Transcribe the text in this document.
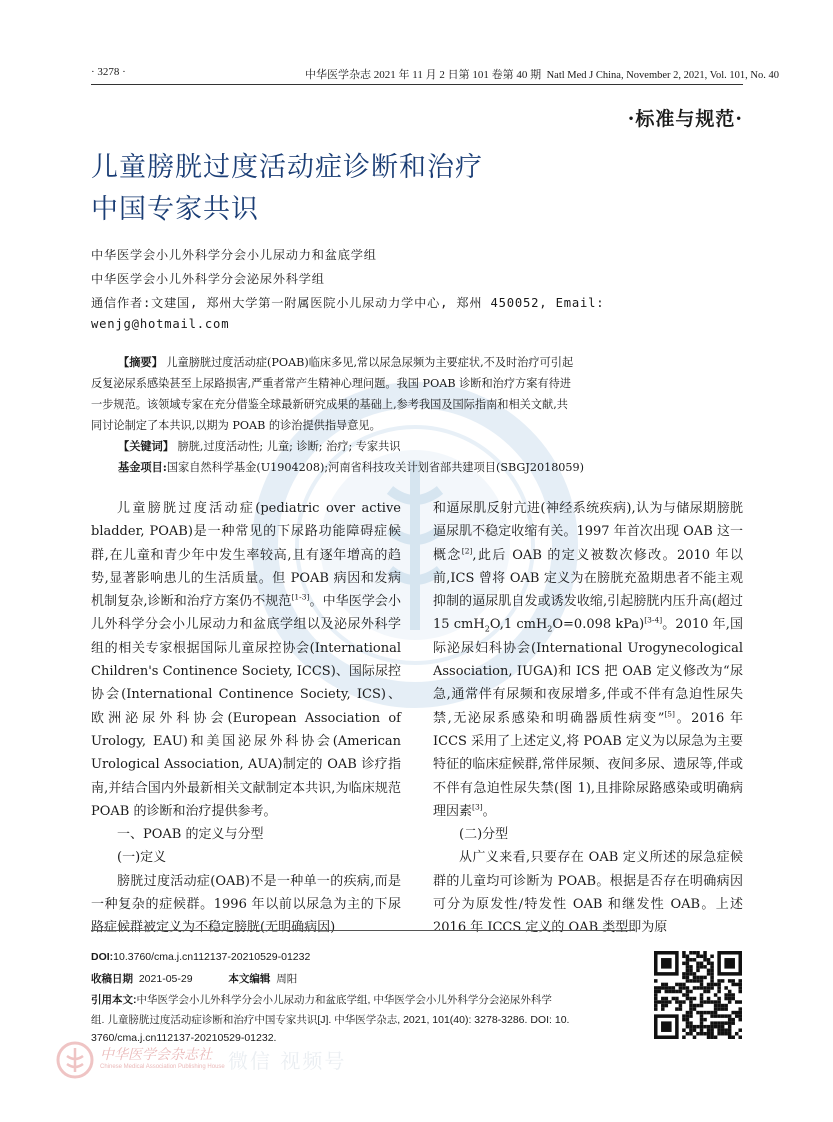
· 3278 ·	中华医学杂志 2021 年 11 月 2 日第 101 卷第 40 期 Natl Med J China, November 2, 2021, Vol. 101, No. 40
·标准与规范·
儿童膀胱过度活动症诊断和治疗
中国专家共识
中华医学会小儿外科学分会小儿尿动力和盆底学组
中华医学会小儿外科学分会泌尿外科学组
通信作者:文建国, 郑州大学第一附属医院小儿尿动力学中心, 郑州 450052, Email:
wenjg@hotmail.com
【摘要】 儿童膀胱过度活动症(POAB)临床多见,常以尿急尿频为主要症状,不及时治疗可引起
反复泌尿系感染甚至上尿路损害,严重者常产生精神心理问题。我国 POAB 诊断和治疗方案有待进
一步规范。该领域专家在充分借鉴全球最新研究成果的基础上,参考我国及国际指南和相关文献,共
同讨论制定了本共识,以期为 POAB 的诊治提供指导意见。
【关键词】 膀胱,过度活动性; 儿童; 诊断; 治疗; 专家共识
基金项目:国家自然科学基金(U1904208);河南省科技攻关计划省部共建项目(SBGJ2018059)

儿童膀胱过度活动症(pediatric over active bladder, POAB)是一种常见的下尿路功能障碍症候群,在儿童和青少年中发生率较高,且有逐年增高的趋势,显著影响患儿的生活质量。但 POAB 病因和发病机制复杂,诊断和治疗方案仍不规范[1-3]。中华医学会小儿外科学分会小儿尿动力和盆底学组以及泌尿外科学组的相关专家根据国际儿童尿控协会(International Children's Continence Society, ICCS)、国际尿控协会(International Continence Society, ICS)、欧洲泌尿外科协会(European Association of Urology, EAU)和美国泌尿外科协会(American Urological Association, AUA)制定的 OAB 诊疗指南,并结合国内外最新相关文献制定本共识,为临床规范 POAB 的诊断和治疗提供参考。

一、POAB 的定义与分型

(一)定义

膀胱过度活动症(OAB)不是一种单一的疾病,而是一种复杂的症候群。1996 年以前以尿急为主的下尿路症候群被定义为不稳定膀胱(无明确病因)

和逼尿肌反射亢进(神经系统疾病),认为与储尿期膀胱逼尿肌不稳定收缩有关。1997 年首次出现 OAB 这一概念[2],此后 OAB 的定义被数次修改。2010 年以前,ICS 曾将 OAB 定义为在膀胱充盈期患者不能主观抑制的逼尿肌自发或诱发收缩,引起膀胱内压升高(超过 15 cmH$_2$O,1 cmH$_2$O=0.098 kPa)[3-4]。2010 年,国际泌尿妇科协会(International Urogynecological Association, IUGA)和 ICS 把 OAB 定义修改为“尿急,通常伴有尿频和夜尿增多,伴或不伴有急迫性尿失禁,无泌尿系感染和明确器质性病变”[5]。2016 年 ICCS 采用了上述定义,将 POAB 定义为以尿急为主要特征的临床症候群,常伴尿频、夜间多尿、遗尿等,伴或不伴有急迫性尿失禁(图 1),且排除尿路感染或明确病理因素[3]。

(二)分型

从广义来看,只要存在 OAB 定义所述的尿急症候群的儿童均可诊断为 POAB。根据是否存在明确病因可分为原发性/特发性 OAB 和继发性 OAB。上述 2016 年 ICCS 定义的 OAB 类型即为原

DOI:10.3760/cma.j.cn112137-20210529-01232
收稿日期 2021-05-29	本文编辑 周阳
引用本文:中华医学会小儿外科学分会小儿尿动力和盆底学组, 中华医学会小儿外科学分会泌尿外科学
组. 儿童膀胱过度活动症诊断和治疗中国专家共识[J]. 中华医学杂志, 2021, 101(40): 3278-3286. DOI: 10.
3760/cma.j.cn112137-20210529-01232.
中华医学会杂志社
Chinese Medical Association Publishing House 微信 视频号
